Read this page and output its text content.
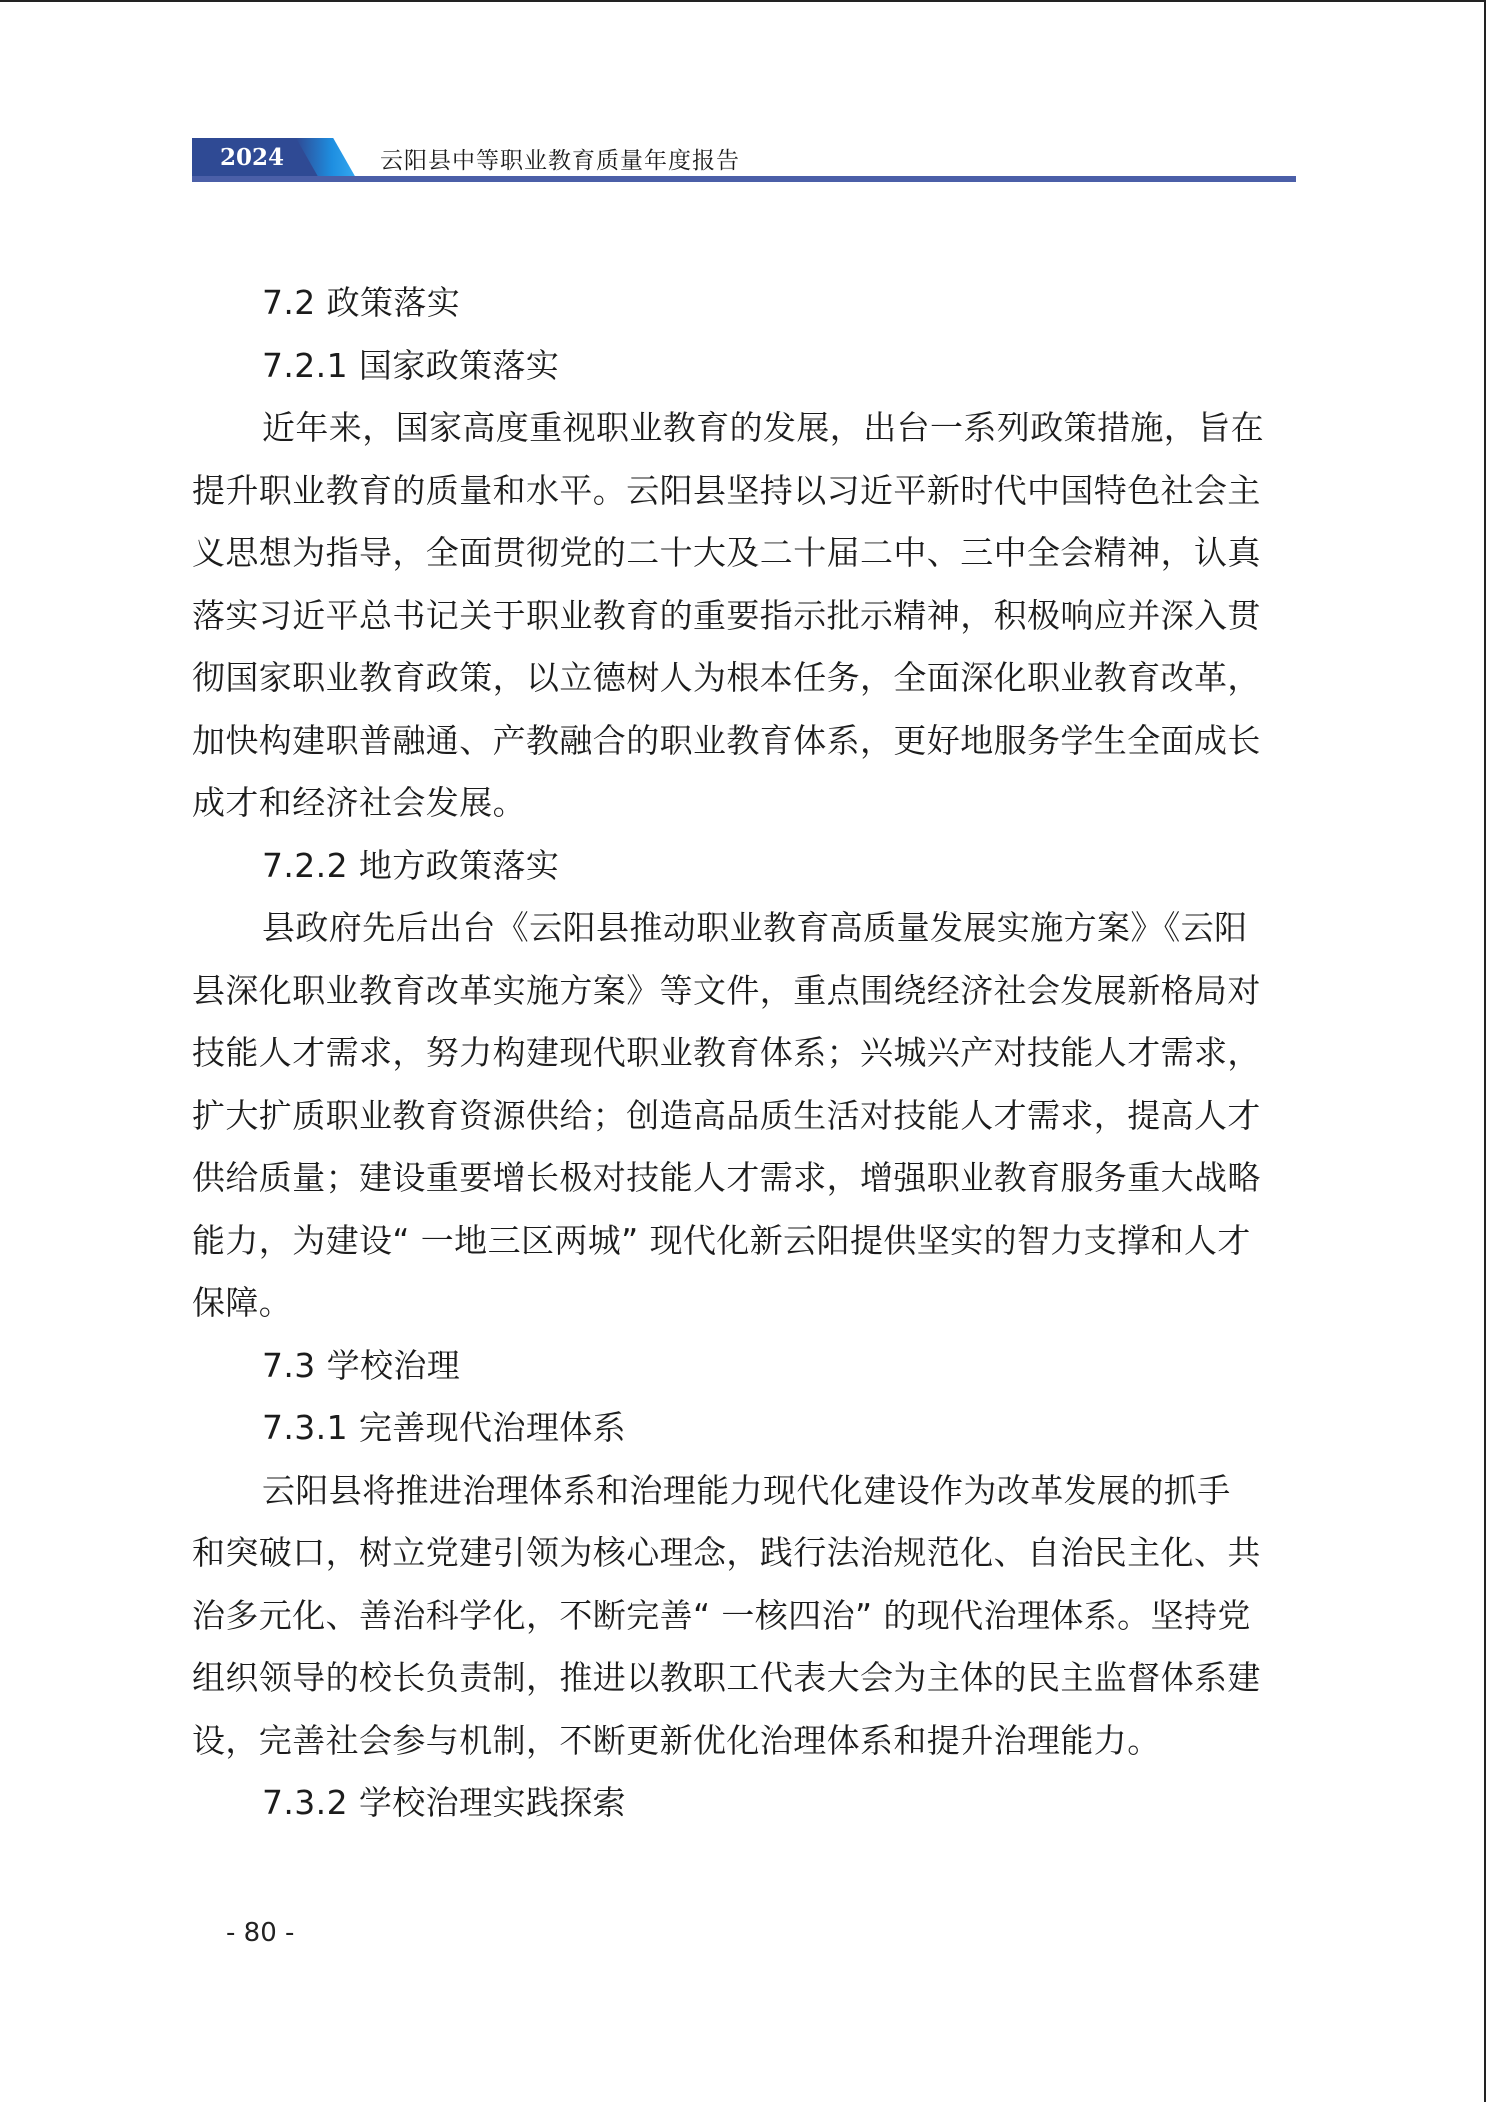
2024	云阳县中等职业教育质量年度报告
7.2 政策落实
7.2.1 国家政策落实
近年来，国家高度重视职业教育的发展，出台一系列政策措施，旨在
提升职业教育的质量和水平。云阳县坚持以习近平新时代中国特色社会主
义思想为指导，全面贯彻党的二十大及二十届二中、三中全会精神，认真
落实习近平总书记关于职业教育的重要指示批示精神，积极响应并深入贯
彻国家职业教育政策，以立德树人为根本任务，全面深化职业教育改革，
加快构建职普融通、产教融合的职业教育体系，更好地服务学生全面成长
成才和经济社会发展。
7.2.2 地方政策落实
县政府先后出台《云阳县推动职业教育高质量发展实施方案》《云阳
县深化职业教育改革实施方案》等文件，重点围绕经济社会发展新格局对
技能人才需求，努力构建现代职业教育体系；兴城兴产对技能人才需求，
扩大扩质职业教育资源供给；创造高品质生活对技能人才需求，提高人才
供给质量；建设重要增长极对技能人才需求，增强职业教育服务重大战略
能力，为建设“ 一地三区两城” 现代化新云阳提供坚实的智力支撑和人才
保障。
7.3 学校治理
7.3.1 完善现代治理体系
云阳县将推进治理体系和治理能力现代化建设作为改革发展的抓手
和突破口，树立党建引领为核心理念，践行法治规范化、自治民主化、共
治多元化、善治科学化，不断完善“ 一核四治” 的现代治理体系。坚持党
组织领导的校长负责制，推进以教职工代表大会为主体的民主监督体系建
设，完善社会参与机制，不断更新优化治理体系和提升治理能力。
7.3.2 学校治理实践探索
- 80 -
